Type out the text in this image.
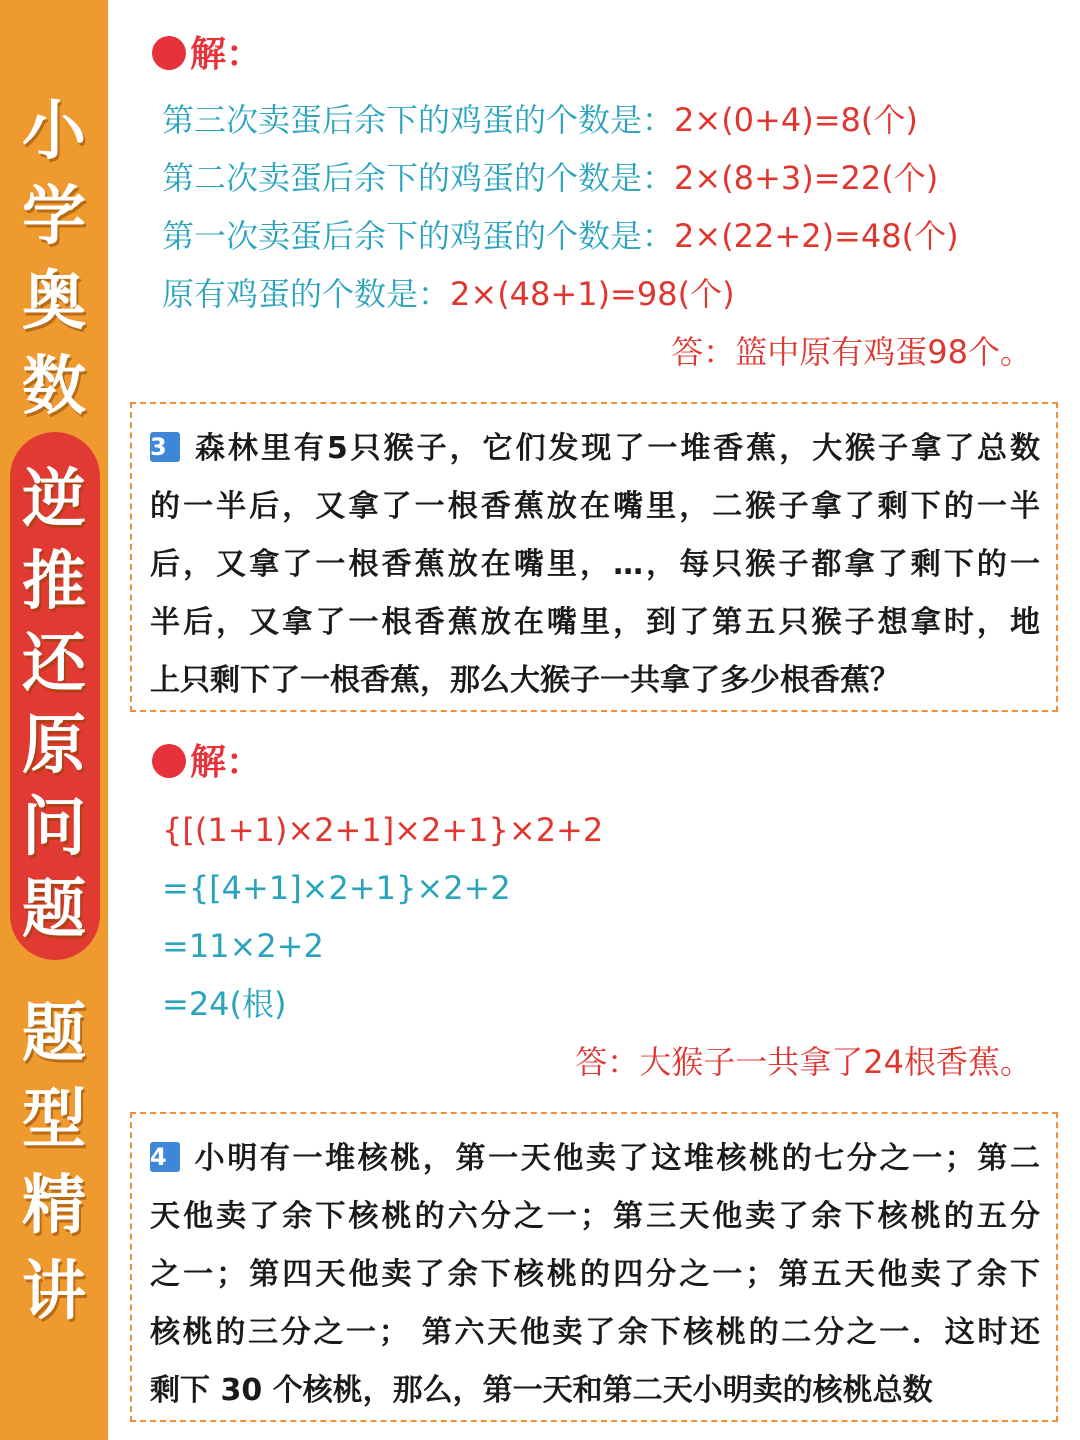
小
学
奥
数
逆
推
还
原
问
题
题
型
精
讲
解：
第三次卖蛋后余下的鸡蛋的个数是：2×(0+4)=8(个)
第二次卖蛋后余下的鸡蛋的个数是：2×(8+3)=22(个)
第一次卖蛋后余下的鸡蛋的个数是：2×(22+2)=48(个)
原有鸡蛋的个数是：2×(48+1)=98(个)
答：篮中原有鸡蛋98个。
3 森林里有5只猴子，它们发现了一堆香蕉，大猴子拿了总数
的一半后，又拿了一根香蕉放在嘴里，二猴子拿了剩下的一半
后，又拿了一根香蕉放在嘴里，…，每只猴子都拿了剩下的一
半后，又拿了一根香蕉放在嘴里，到了第五只猴子想拿时，地
上只剩下了一根香蕉，那么大猴子一共拿了多少根香蕉？
解：
{[(1+1)×2+1]×2+1}×2+2
={[4+1]×2+1}×2+2
=11×2+2
=24(根)
答：大猴子一共拿了24根香蕉。
4 小明有一堆核桃，第一天他卖了这堆核桃的七分之一；第二
天他卖了余下核桃的六分之一；第三天他卖了余下核桃的五分
之一；第四天他卖了余下核桃的四分之一；第五天他卖了余下
核桃的三分之一； 第六天他卖了余下核桃的二分之一．这时还
剩下 30 个核桃，那么，第一天和第二天小明卖的核桃总数
